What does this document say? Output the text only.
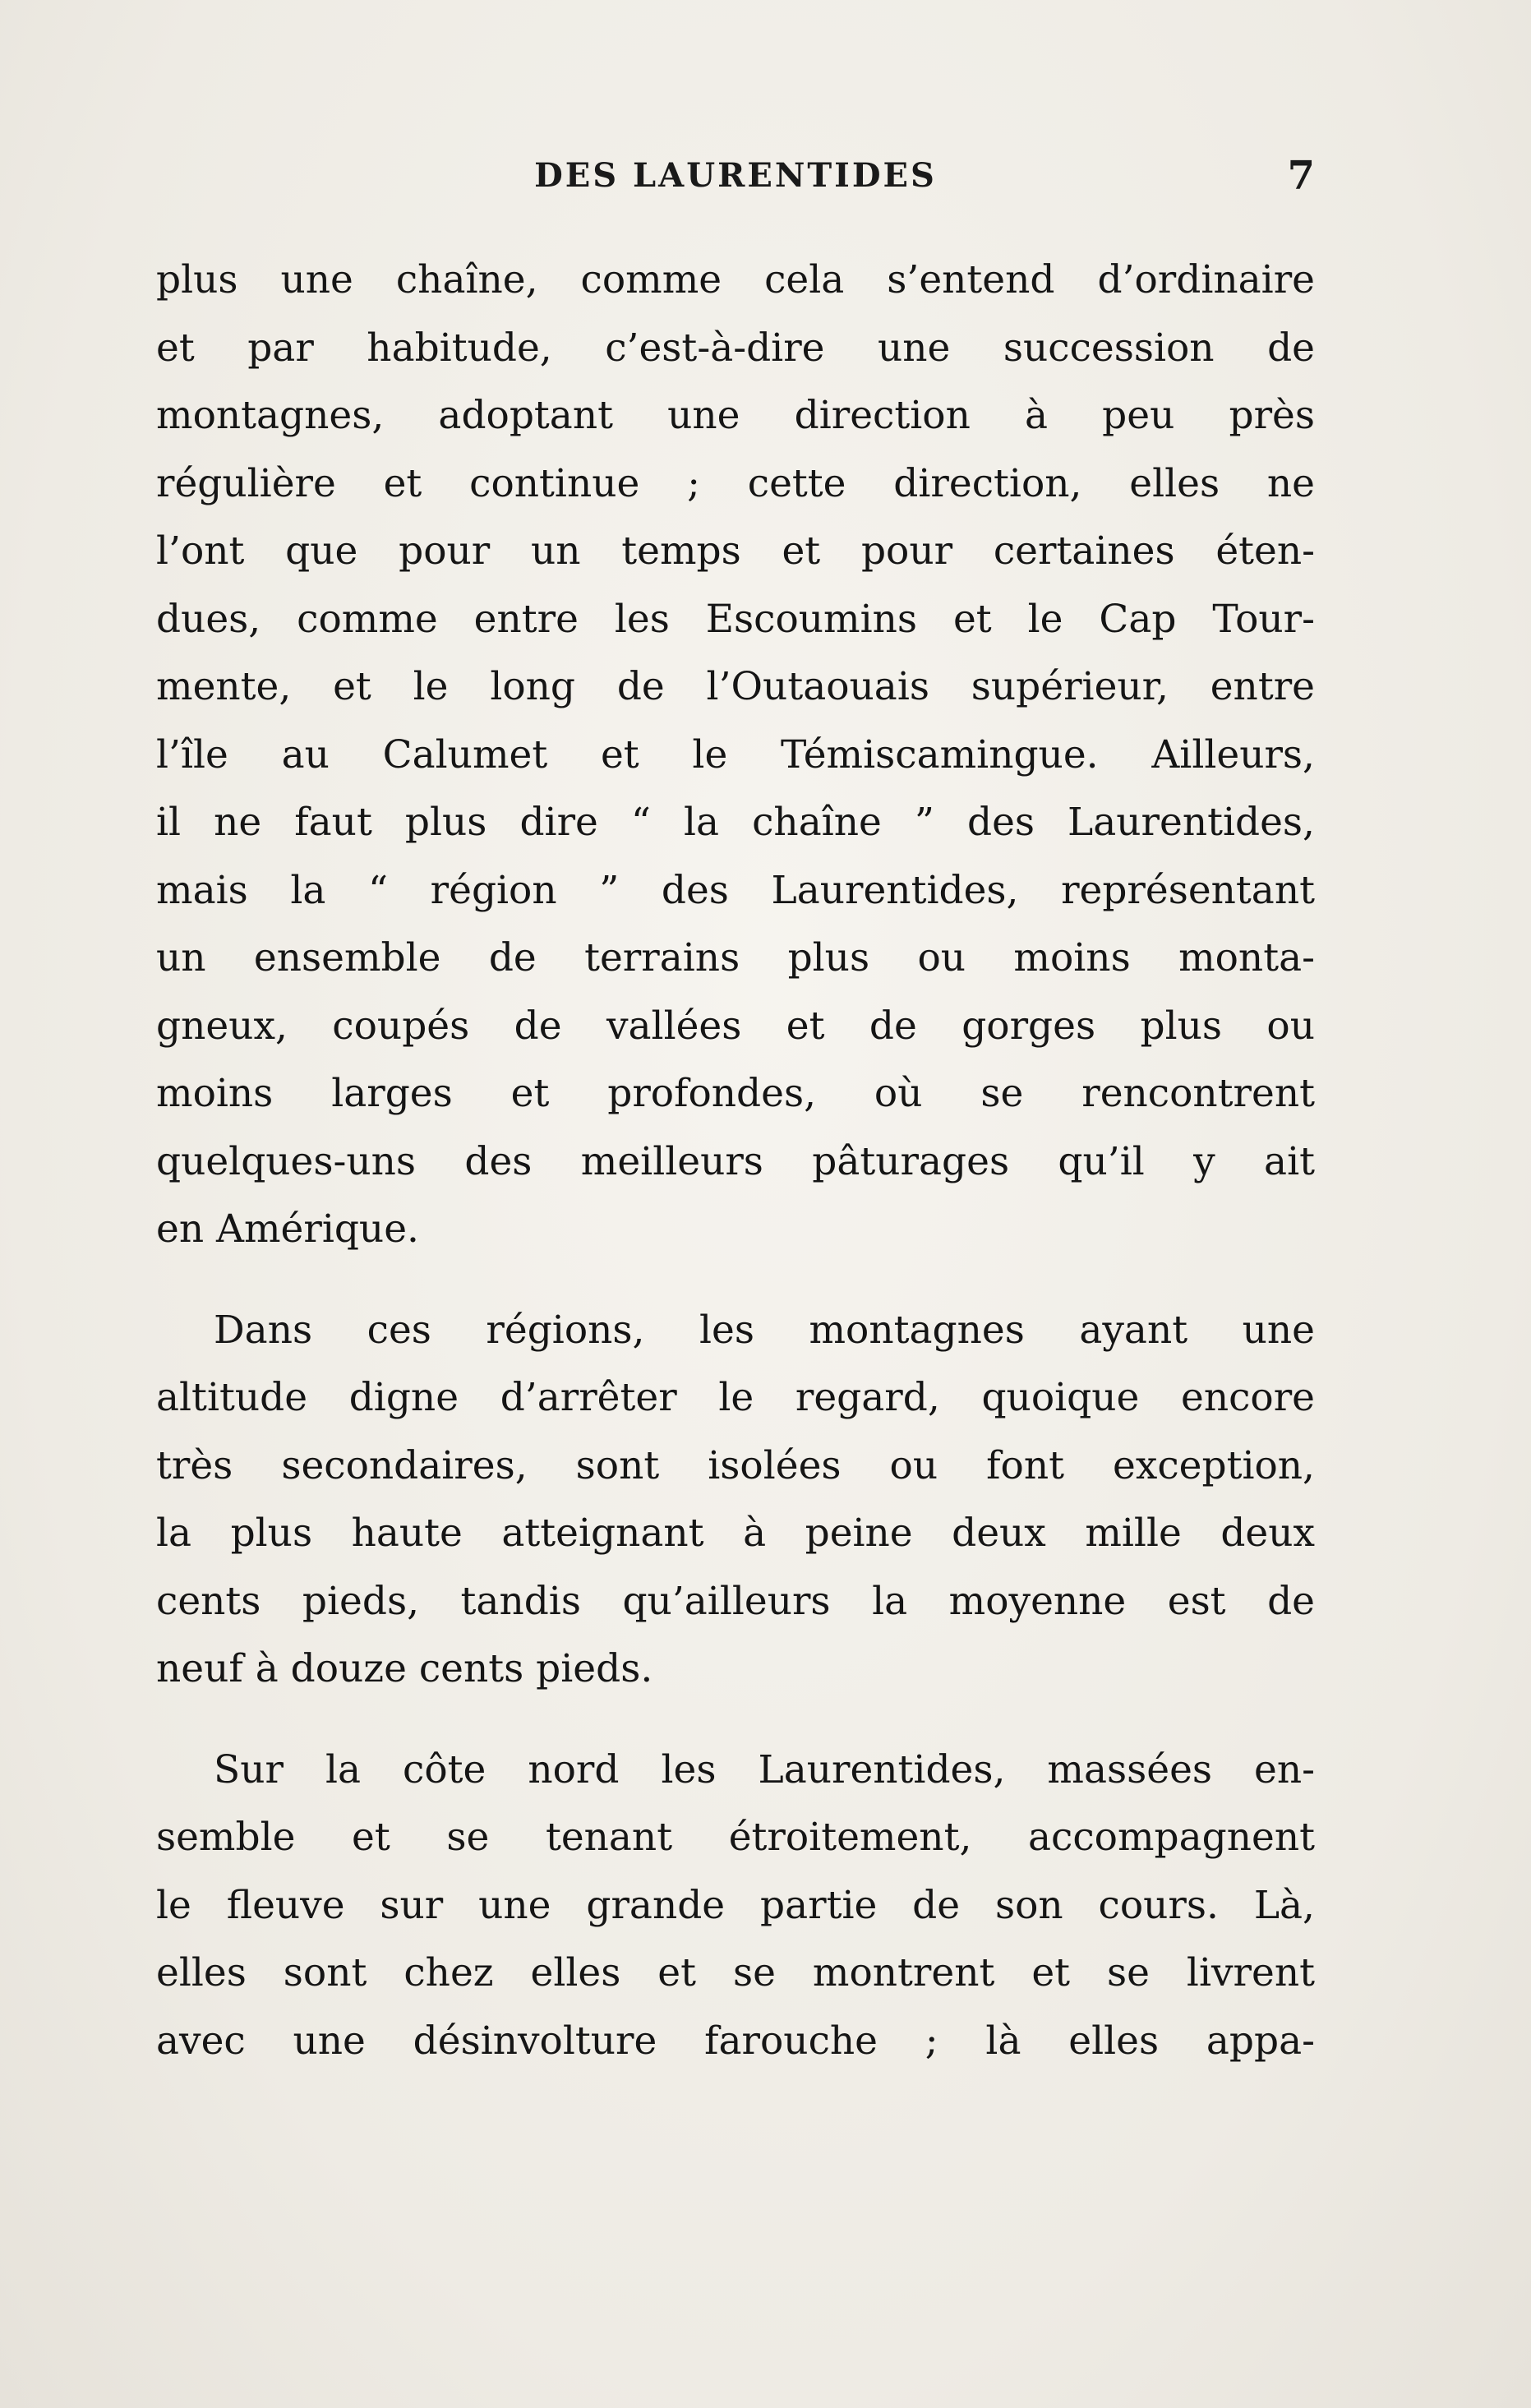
DES LAURENTIDES	7
plus une chaîne, comme cela s’entend d’ordinaire
et par habitude, c’est-à-dire une succession de
montagnes, adoptant une direction à peu près
régulière et continue ; cette direction, elles ne
l’ont que pour un temps et pour certaines éten-
dues, comme entre les Escoumins et le Cap Tour-
mente, et le long de l’Outaouais supérieur, entre
l’île au Calumet et le Témiscamingue. Ailleurs,
il ne faut plus dire “ la chaîne ” des Laurentides,
mais la “ région ” des Laurentides, représentant
un ensemble de terrains plus ou moins monta-
gneux, coupés de vallées et de gorges plus ou
moins larges et profondes, où se rencontrent
quelques-uns des meilleurs pâturages qu’il y ait
en Amérique.
Dans ces régions, les montagnes ayant une
altitude digne d’arrêter le regard, quoique encore
très secondaires, sont isolées ou font exception,
la plus haute atteignant à peine deux mille deux
cents pieds, tandis qu’ailleurs la moyenne est de
neuf à douze cents pieds.
Sur la côte nord les Laurentides, massées en-
semble et se tenant étroitement, accompagnent
le fleuve sur une grande partie de son cours. Là,
elles sont chez elles et se montrent et se livrent
avec une désinvolture farouche ; là elles appa-
